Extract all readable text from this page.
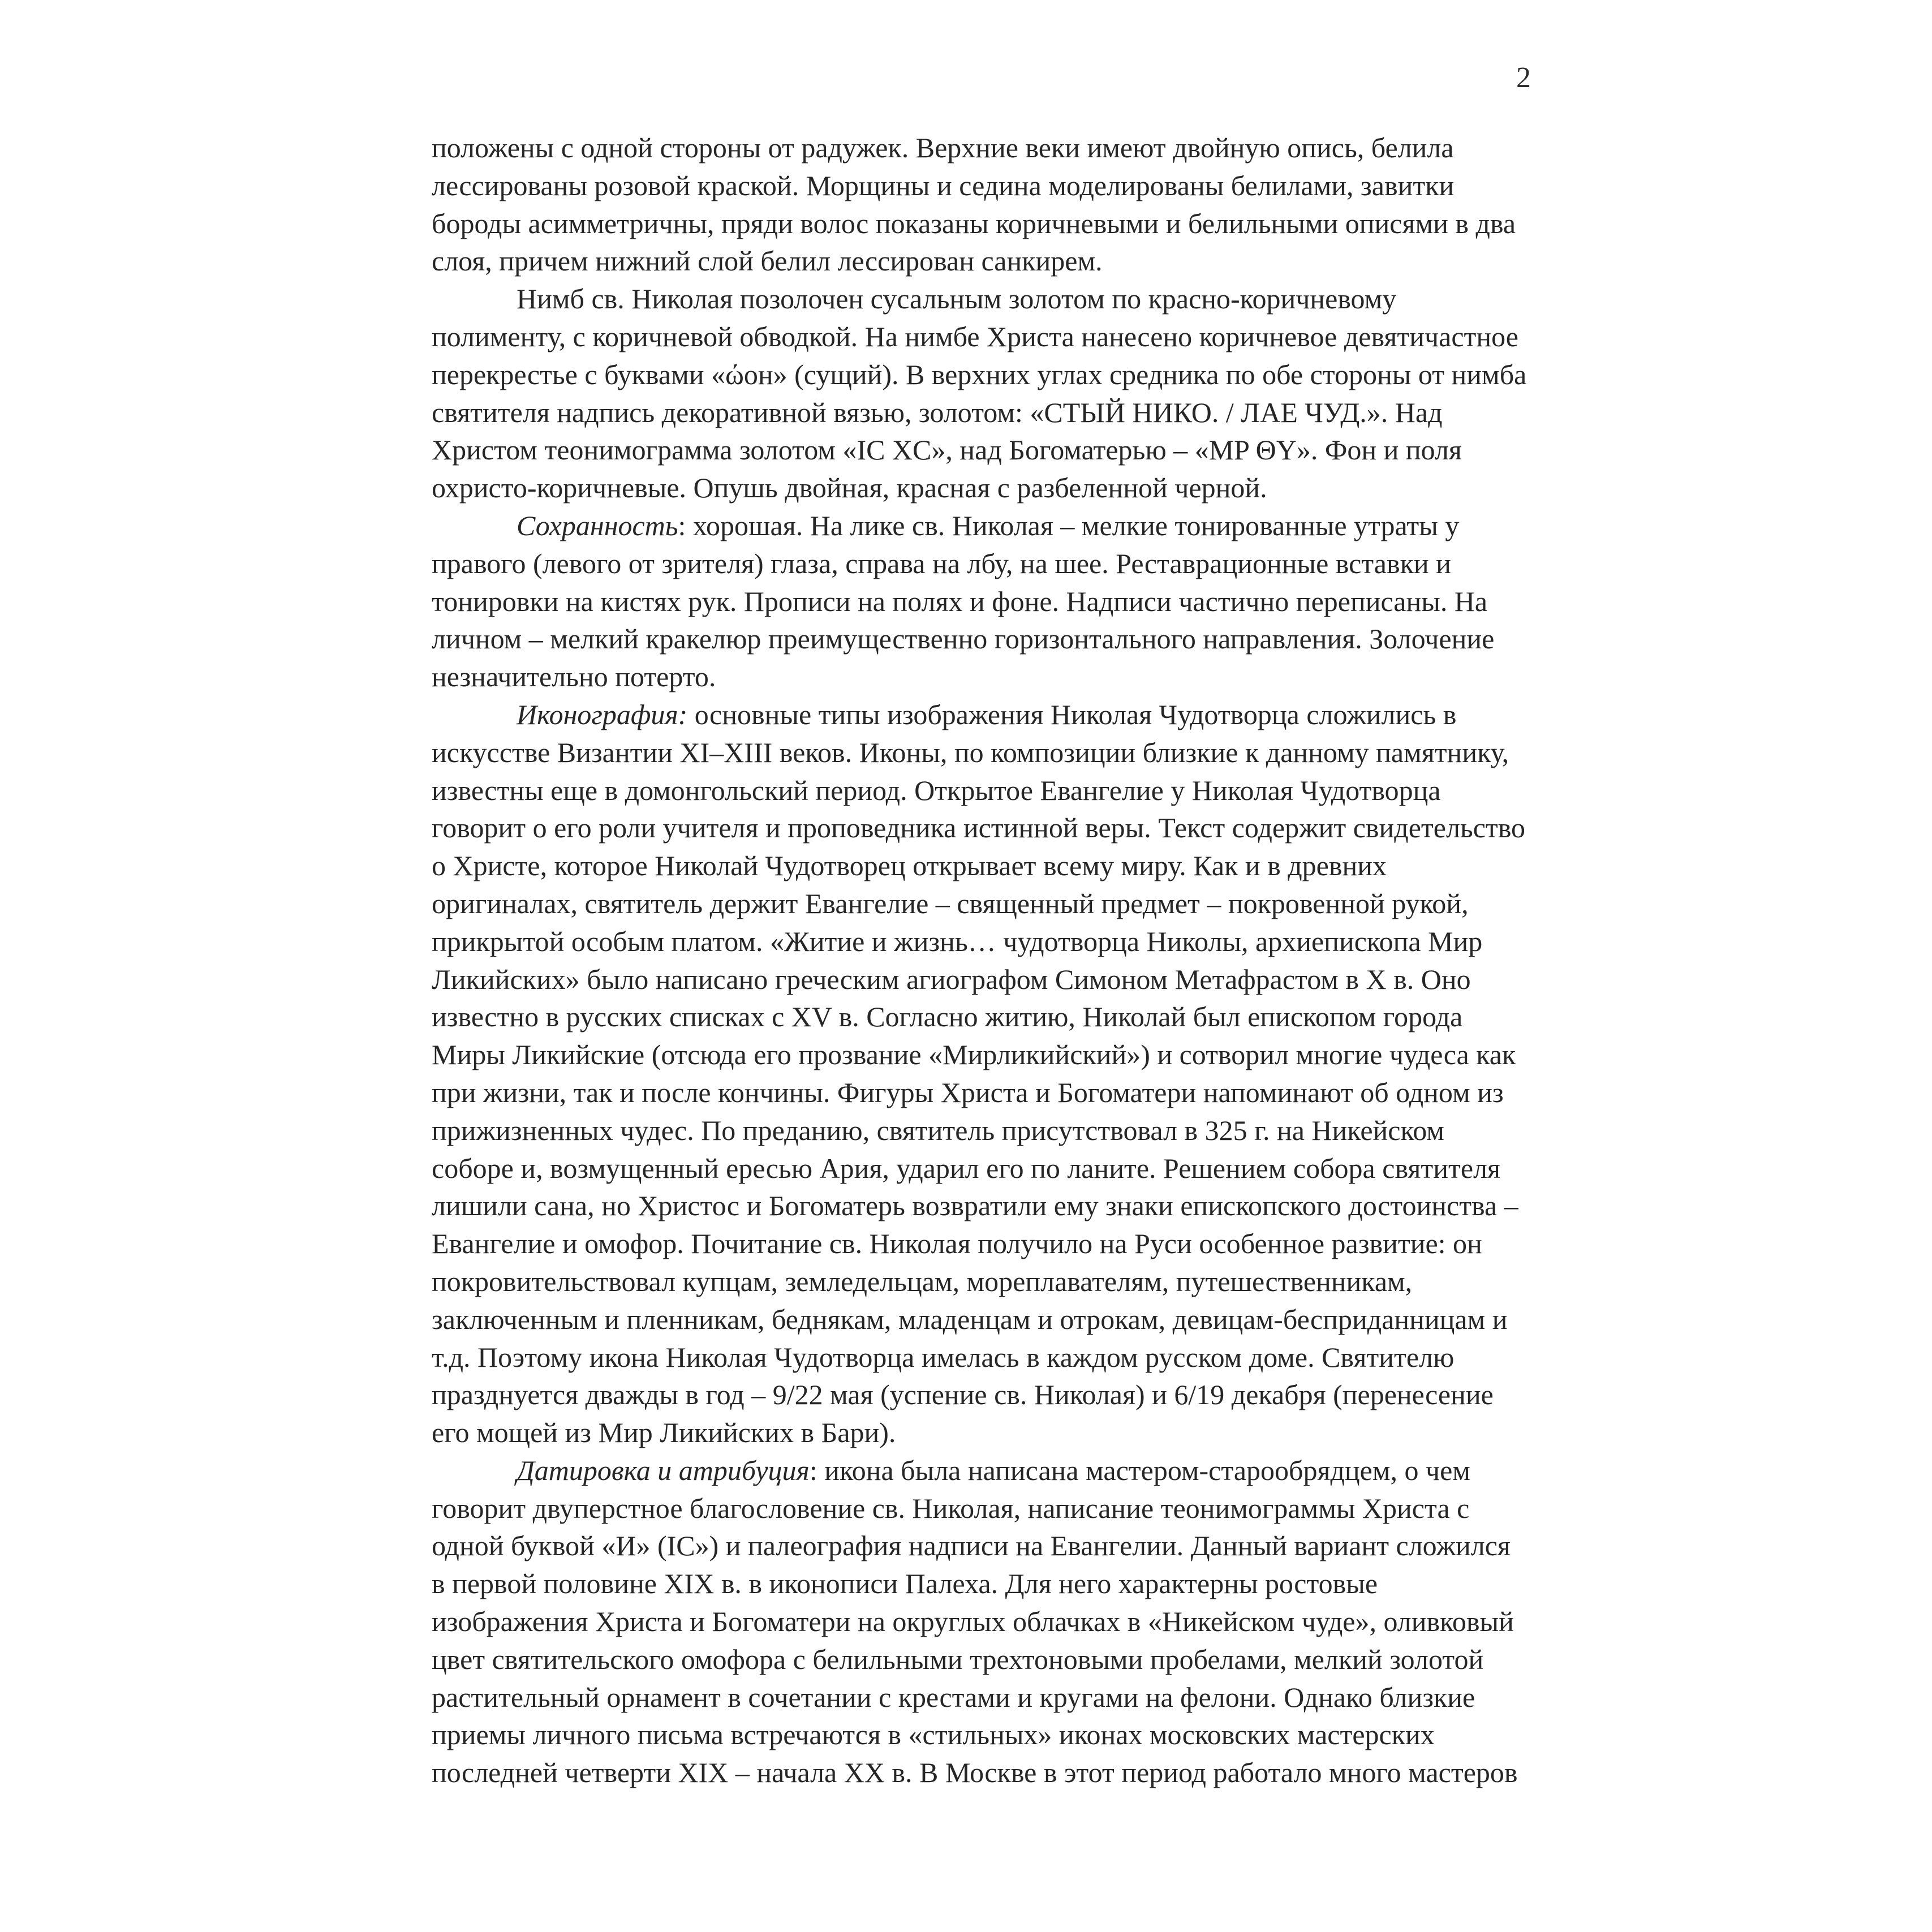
2
положены с одной стороны от радужек. Верхние веки имеют двойную опись, белила
лессированы розовой краской. Морщины и седина моделированы белилами, завитки
бороды асимметричны, пряди волос показаны коричневыми и белильными описями в два
слоя, причем нижний слой белил лессирован санкирем.
Нимб св. Николая позолочен сусальным золотом по красно-коричневому
полименту, с коричневой обводкой. На нимбе Христа нанесено коричневое девятичастное
перекрестье с буквами «ώон» (сущий). В верхних углах средника по обе стороны от нимба
святителя надпись декоративной вязью, золотом: «СТЫЙ НИКО. / ЛАЕ ЧУД.». Над
Христом теонимограмма золотом «IC XC», над Богоматерью – «MP ΘY». Фон и поля
охристо-коричневые. Опушь двойная, красная с разбеленной черной.
Сохранность: хорошая. На лике св. Николая – мелкие тонированные утраты у
правого (левого от зрителя) глаза, справа на лбу, на шее. Реставрационные вставки и
тонировки на кистях рук. Прописи на полях и фоне. Надписи частично переписаны. На
личном – мелкий кракелюр преимущественно горизонтального направления. Золочение
незначительно потерто.
Иконография: основные типы изображения Николая Чудотворца сложились в
искусстве Византии XI–XIII веков. Иконы, по композиции близкие к данному памятнику,
известны еще в домонгольский период. Открытое Евангелие у Николая Чудотворца
говорит о его роли учителя и проповедника истинной веры. Текст содержит свидетельство
о Христе, которое Николай Чудотворец открывает всему миру. Как и в древних
оригиналах, святитель держит Евангелие – священный предмет – покровенной рукой,
прикрытой особым платом. «Житие и жизнь… чудотворца Николы, архиепископа Мир
Ликийских» было написано греческим агиографом Симоном Метафрастом в X в. Оно
известно в русских списках с XV в. Согласно житию, Николай был епископом города
Миры Ликийские (отсюда его прозвание «Мирликийский») и сотворил многие чудеса как
при жизни, так и после кончины. Фигуры Христа и Богоматери напоминают об одном из
прижизненных чудес. По преданию, святитель присутствовал в 325 г. на Никейском
соборе и, возмущенный ересью Ария, ударил его по ланите. Решением собора святителя
лишили сана, но Христос и Богоматерь возвратили ему знаки епископского достоинства –
Евангелие и омофор. Почитание св. Николая получило на Руси особенное развитие: он
покровительствовал купцам, земледельцам, мореплавателям, путешественникам,
заключенным и пленникам, беднякам, младенцам и отрокам, девицам-бесприданницам и
т.д. Поэтому икона Николая Чудотворца имелась в каждом русском доме. Святителю
празднуется дважды в год – 9/22 мая (успение св. Николая) и 6/19 декабря (перенесение
его мощей из Мир Ликийских в Бари).
Датировка и атрибуция: икона была написана мастером-старообрядцем, о чем
говорит двуперстное благословение св. Николая, написание теонимограммы Христа с
одной буквой «И» (IC») и палеография надписи на Евангелии. Данный вариант сложился
в первой половине XIX в. в иконописи Палеха. Для него характерны ростовые
изображения Христа и Богоматери на округлых облачках в «Никейском чуде», оливковый
цвет святительского омофора с белильными трехтоновыми пробелами, мелкий золотой
растительный орнамент в сочетании с крестами и кругами на фелони. Однако близкие
приемы личного письма встречаются в «стильных» иконах московских мастерских
последней четверти XIX – начала XX в. В Москве в этот период работало много мастеров
